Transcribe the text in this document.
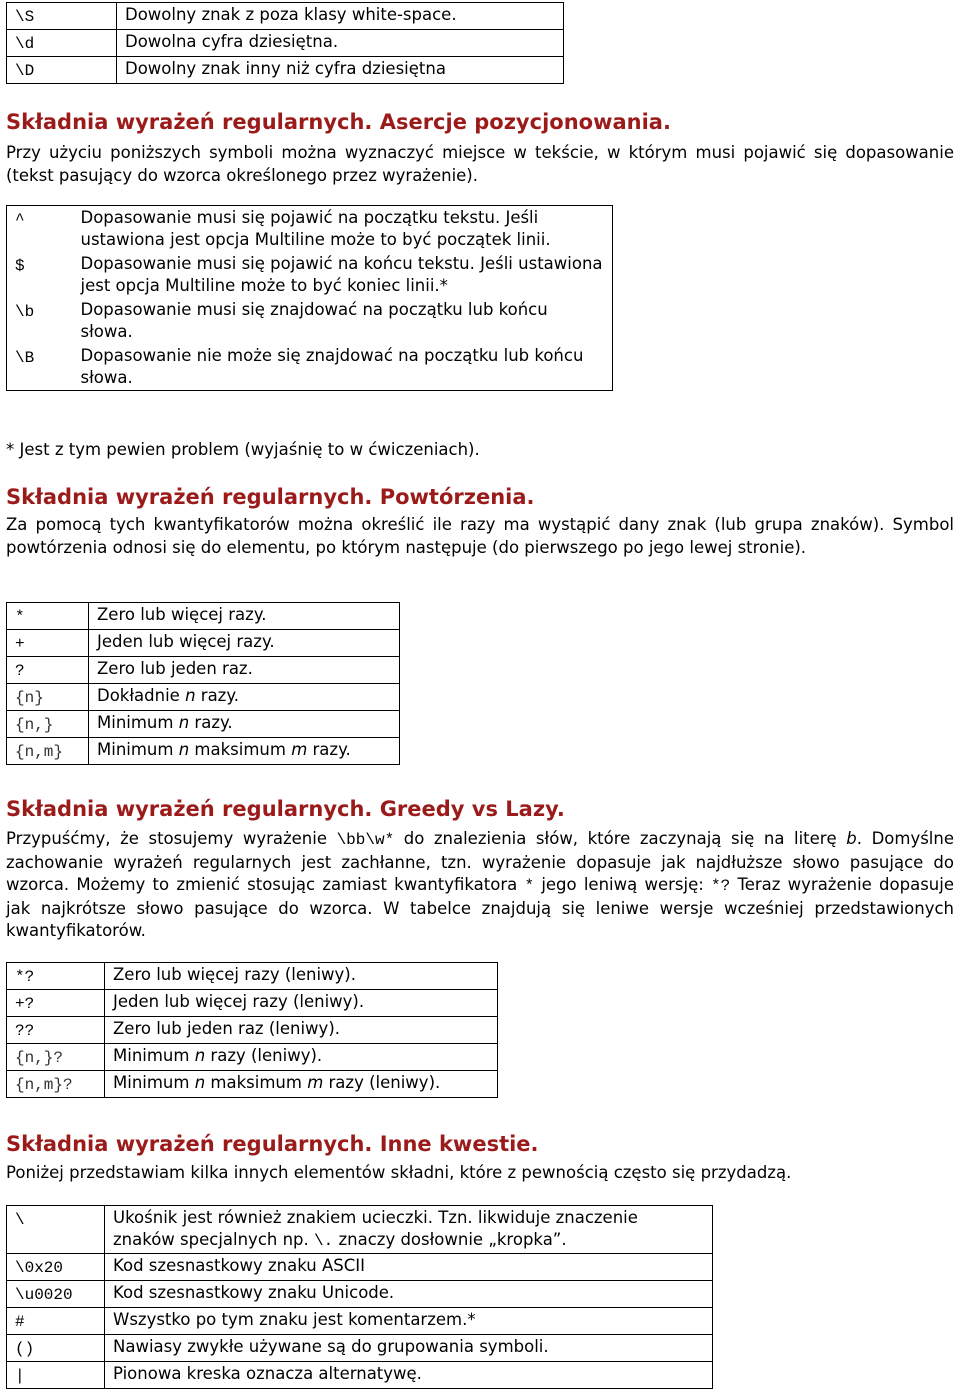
\S	Dowolny znak z poza klasy white-space.
\d	Dowolna cyfra dziesiętna.
\D	Dowolny znak inny niż cyfra dziesiętna
Składnia wyrażeń regularnych. Asercje pozycjonowania.

Przy użyciu poniższych symboli można wyznaczyć miejsce w tekście, w którym musi pojawić się dopasowanie (tekst pasujący do wzorca określonego przez wyrażenie).

^	Dopasowanie musi się pojawić na początku tekstu. Jeśli ustawiona jest opcja Multiline może to być początek linii.
$	Dopasowanie musi się pojawić na końcu tekstu. Jeśli ustawiona jest opcja Multiline może to być koniec linii.*
\b	Dopasowanie musi się znajdować na początku lub końcu słowa.
\B	Dopasowanie nie może się znajdować na początku lub końcu słowa.

* Jest z tym pewien problem (wyjaśnię to w ćwiczeniach).

Składnia wyrażeń regularnych. Powtórzenia.

Za pomocą tych kwantyfikatorów można określić ile razy ma wystąpić dany znak (lub grupa znaków). Symbol powtórzenia odnosi się do elementu, po którym następuje (do pierwszego po jego lewej stronie).

*	Zero lub więcej razy.
+	Jeden lub więcej razy.
?	Zero lub jeden raz.
{n}	Dokładnie n razy.
{n,}	Minimum n razy.
{n,m}	Minimum n maksimum m razy.
Składnia wyrażeń regularnych. Greedy vs Lazy.

Przypuśćmy, że stosujemy wyrażenie \bb\w* do znalezienia słów, które zaczynają się na literę b. Domyślne zachowanie wyrażeń regularnych jest zachłanne, tzn. wyrażenie dopasuje jak najdłuższe słowo pasujące do wzorca. Możemy to zmienić stosując zamiast kwantyfikatora * jego leniwą wersję: *? Teraz wyrażenie dopasuje jak najkrótsze słowo pasujące do wzorca. W tabelce znajdują się leniwe wersje wcześniej przedstawionych kwantyfikatorów.

*?	Zero lub więcej razy (leniwy).
+?	Jeden lub więcej razy (leniwy).
??	Zero lub jeden raz (leniwy).
{n,}?	Minimum n razy (leniwy).
{n,m}?	Minimum n maksimum m razy (leniwy).
Składnia wyrażeń regularnych. Inne kwestie.

Poniżej przedstawiam kilka innych elementów składni, które z pewnością często się przydadzą.

\	Ukośnik jest również znakiem ucieczki. Tzn. likwiduje znaczenie znaków specjalnych np. \. znaczy dosłownie „kropka”.
\0x20	Kod szesnastkowy znaku ASCII
\u0020	Kod szesnastkowy znaku Unicode.
#	Wszystko po tym znaku jest komentarzem.*
()	Nawiasy zwykłe używane są do grupowania symboli.
|	Pionowa kreska oznacza alternatywę.
